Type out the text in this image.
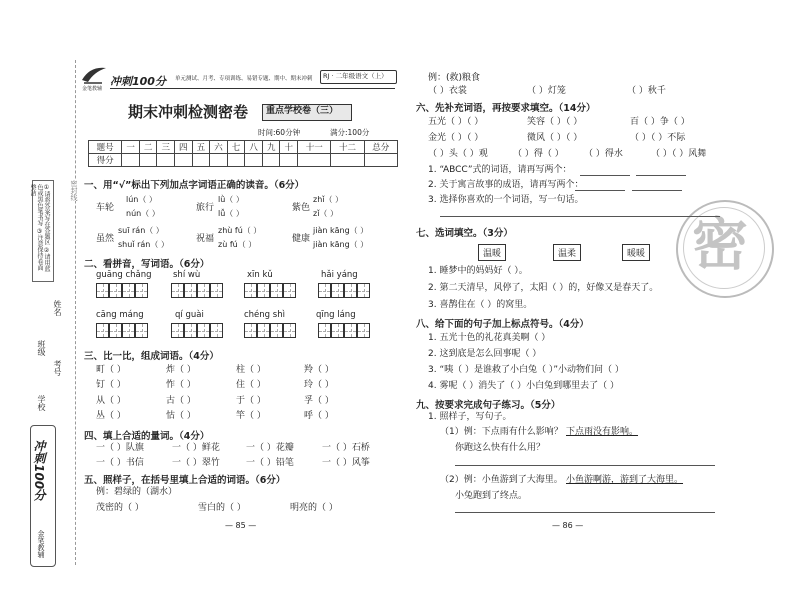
①请将答案写在答题区 ②请用蓝色或黑色笔书写 ③注意保持卷面整洁
学校
班级
姓名
考号
冲刺100分
金笔教辅
密封线
金笔教辅
冲刺100分 单元测试、月考、专项训练、易错专题、期中、期末冲刺 RJ · 二年级语文（上）
期末冲刺检测密卷 重点学校卷（三）
时间:60分钟	满分:100分
题号	一	二	三	四	五	六	七	八	九	十	十一	十二	总分
得分													
一、用“√”标出下列加点字词语正确的读音。（6分）
车轮
lún（ ）
nún（ ）
旅行
lǜ（ ）
lǚ（ ）
紫色
zhǐ（ ）
zǐ（ ）
虽然
suī rán（ ）
shuǐ rán（ ）
祝福
zhù fú（ ）
zù fú（ ）
健康
jiàn kāng（ ）
jiàn kāng（ ）
二、看拼音，写词语。（6分）
guāng chǎng	shí wù	xīn kǔ	hǎi yáng
cāng máng	qí guài	chéng shì	qīng láng
三、比一比，组成词语。（4分）
町（ ）	炸（ ）	柱（ ）	羚（ ）
钉（ ）	怍（ ）	住（ ）	玲（ ）
从（ ）	古（ ）	于（ ）	孚（ ）
丛（ ）	怙（ ）	竿（ ）	呼（ ）
四、填上合适的量词。（4分）
一（ ）队旗	一（ ）鲜花	一（ ）花瓣	一（ ）石桥
一（ ）书信	一（ ）翠竹	一（ ）铅笔	一（ ）风筝
五、照样子，在括号里填上合适的词语。（6分）
例：碧绿的（湖水）
茂密的（ ）	雪白的（ ）	明亮的（ ）
— 85 —
密
例：(救)粮食
（ ）衣裳	（ ）灯笼	（ ）秋千
六、先补充词语，再按要求填空。（14分）
五光（ ）（ ）	笑容（ ）（ ）	百（ ）争（ ）
金光（ ）（ ）	微风（ ）（ ）	（ ）（ ）不际
（ ）头（ ）观	（ ）得（ ） （ ）得水	（ ）（ ）风舞
1. “ABCC”式的词语，请再写两个：
2. 关于寓言故事的成语，请再写两个：
3. 选择你喜欢的一个词语，写一句话。
七、选词填空。（3分）
温暖	温柔	暖暖
1. 睡梦中的妈妈好（ ）。
2. 第二天清早，风停了，太阳（ ）的，好像又是春天了。
3. 喜鹊住在（ ）的窝里。
八、给下面的句子加上标点符号。（4分）
1. 五光十色的礼花真美啊（ ）
2. 这到底是怎么回事呢（ ）
3. “咦（ ）是谁救了小白兔（ ）”小动物们问（ ）
4. 雾呢（ ）消失了（ ）小白兔到哪里去了（ ）
九、按要求完成句子练习。（5分）
1. 照样子，写句子。
（1）例：下点雨有什么影响？ 下点雨没有影响。
你跑这么快有什么用？
（2）例：小鱼游到了大海里。 小鱼游啊游，游到了大海里。
小兔跑到了终点。
— 86 —
